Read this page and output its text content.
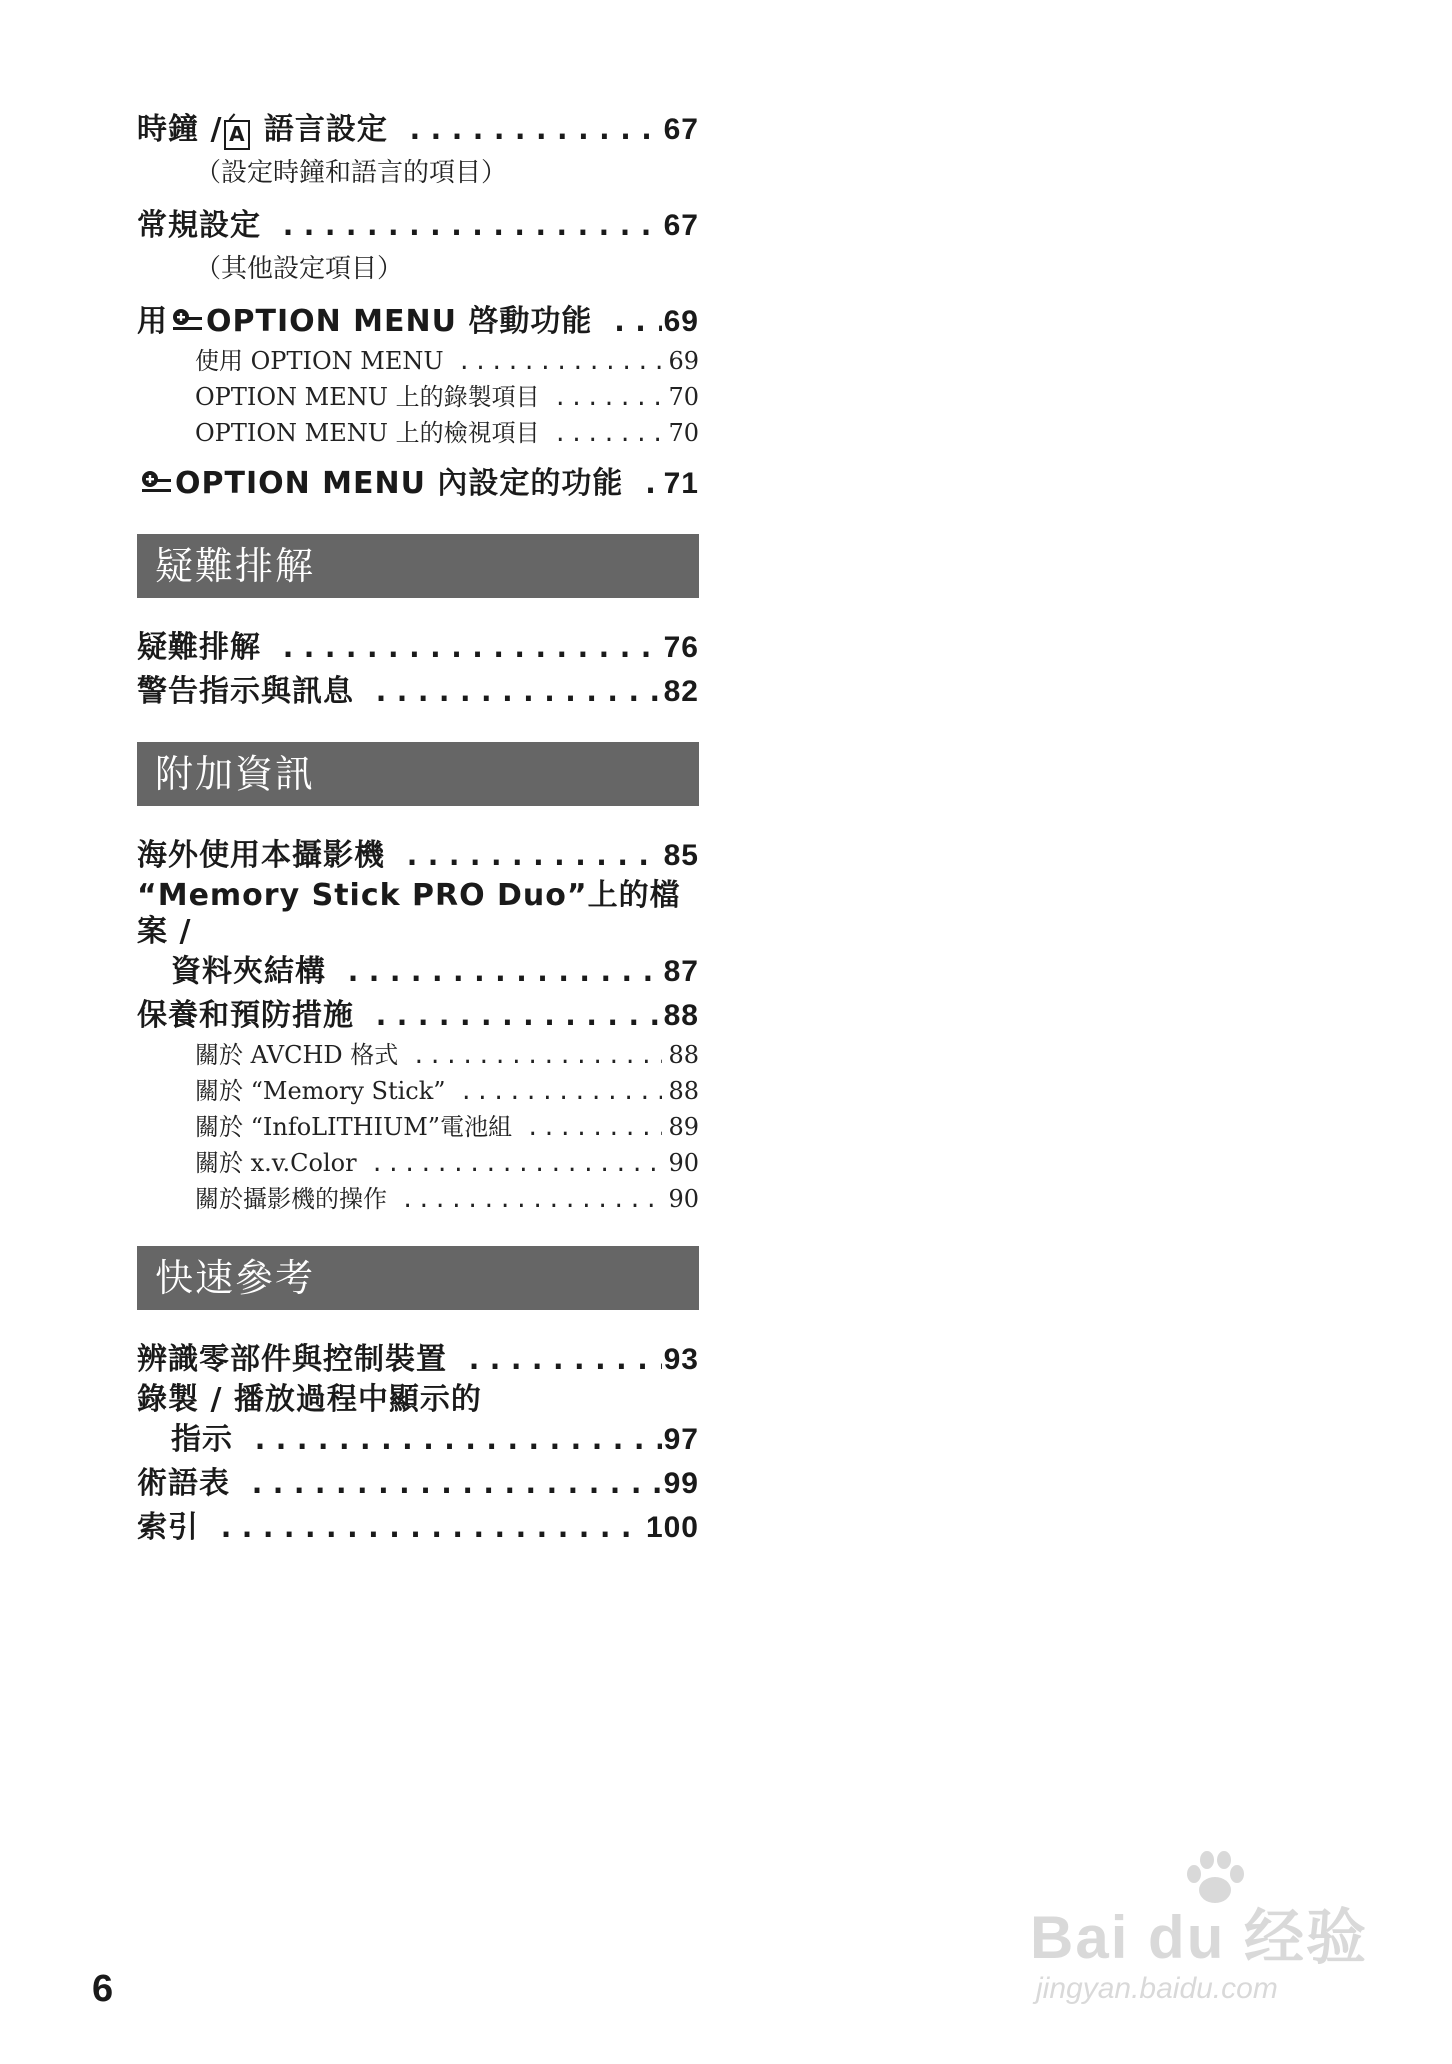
時鐘 / A 語言設定 .....	67
（設定時鐘和語言的項目）
常規設定 .....	67
（其他設定項目）
用 OPTION MENU 啓動功能 ..... 69
使用 OPTION MENU .....	69
OPTION MENU 上的錄製項目 .....	70
OPTION MENU 上的檢視項目 .....	70
OPTION MENU 內設定的功能 ..... 71
疑難排解
疑難排解 .....	76
警告指示與訊息 .....	82
附加資訊
海外使用本攝影機 .....	85
“Memory Stick PRO Duo”上的檔案 /
資料夾結構 .....	87
保養和預防措施 .....	88
關於 AVCHD 格式 .....	88
關於 “Memory Stick” .....	88
關於 “InfoLITHIUM”電池組 .....	89
關於 x.v.Color .....	90
關於攝影機的操作 .....	90
快速參考
辨識零部件與控制裝置 .....	93
錄製 / 播放過程中顯示的
指示 .....	97
術語表 .....	99
索引 .....	100
6
Bai du 经验
jingyan.baidu.com
